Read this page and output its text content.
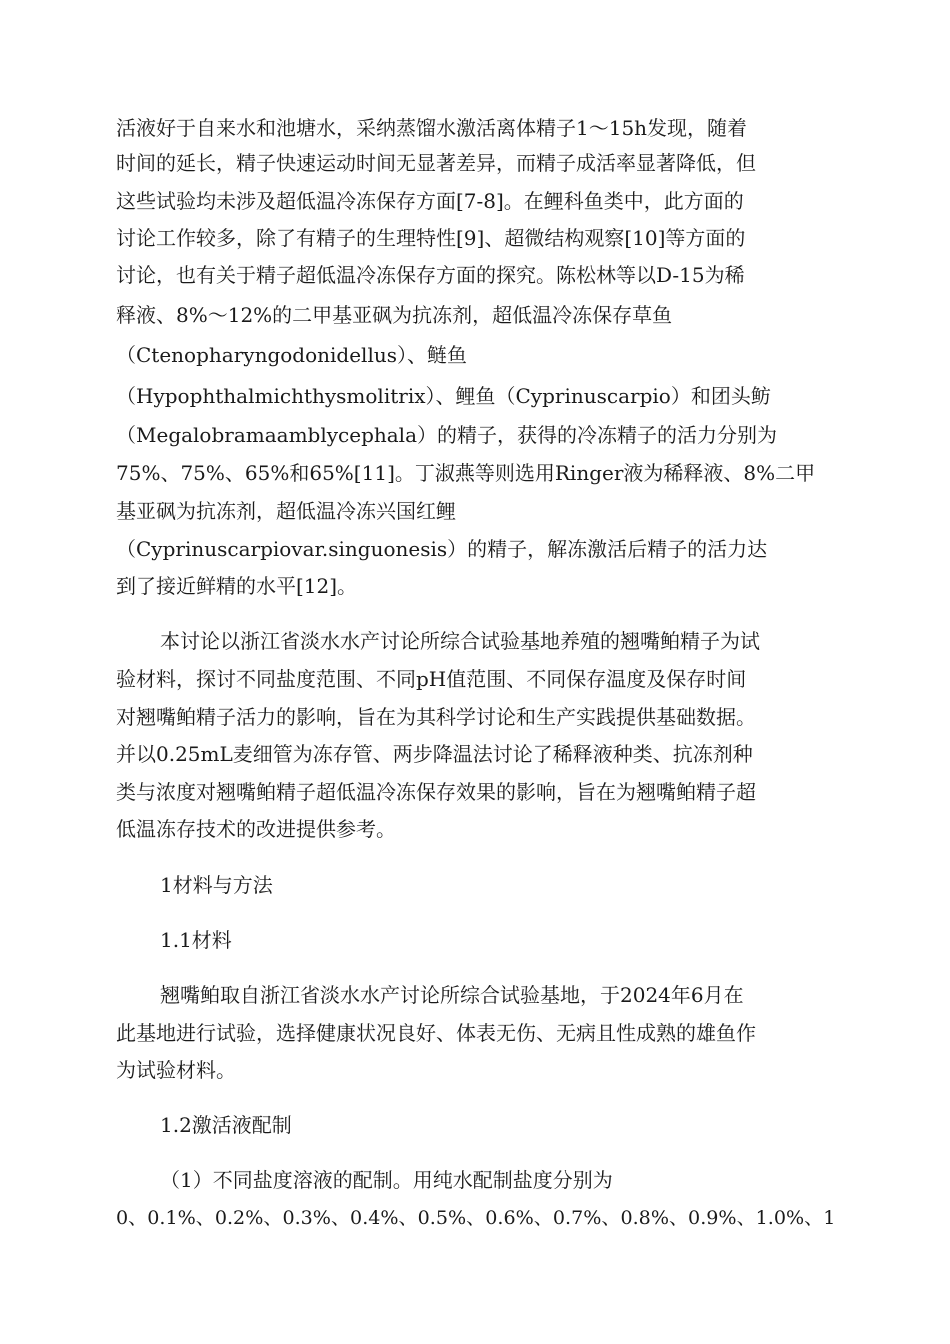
活液好于自来水和池塘水，采纳蒸馏水激活离体精子1～15h发现，随着
时间的延长，精子快速运动时间无显著差异，而精子成活率显著降低，但
这些试验均未涉及超低温冷冻保存方面[7-8]。在鲤科鱼类中，此方面的
讨论工作较多，除了有精子的生理特性[9]、超微结构观察[10]等方面的
讨论，也有关于精子超低温冷冻保存方面的探究。陈松林等以D-15为稀
释液、8%～12%的二甲基亚砜为抗冻剂，超低温冷冻保存草鱼
（Ctenopharyngodonidellus）、鲢鱼
（Hypophthalmichthysmolitrix）、鲤鱼（Cyprinuscarpio）和团头鲂
（Megalobramaamblycephala）的精子，获得的冷冻精子的活力分别为
75%、75%、65%和65%[11]。丁淑燕等则选用Ringer液为稀释液、8%二甲
基亚砜为抗冻剂，超低温冷冻兴国红鲤
（Cyprinuscarpiovar.singuonesis）的精子，解冻激活后精子的活力达
到了接近鲜精的水平[12]。
本讨论以浙江省淡水水产讨论所综合试验基地养殖的翘嘴鲌精子为试
验材料，探讨不同盐度范围、不同pH值范围、不同保存温度及保存时间
对翘嘴鲌精子活力的影响，旨在为其科学讨论和生产实践提供基础数据。
并以0.25mL麦细管为冻存管、两步降温法讨论了稀释液种类、抗冻剂种
类与浓度对翘嘴鲌精子超低温冷冻保存效果的影响，旨在为翘嘴鲌精子超
低温冻存技术的改进提供参考。
1材料与方法
1.1材料
翘嘴鲌取自浙江省淡水水产讨论所综合试验基地，于2024年6月在
此基地进行试验，选择健康状况良好、体表无伤、无病且性成熟的雄鱼作
为试验材料。
1.2激活液配制
（1）不同盐度溶液的配制。用纯水配制盐度分别为
0、0.1%、0.2%、0.3%、0.4%、0.5%、0.6%、0.7%、0.8%、0.9%、1.0%、1
